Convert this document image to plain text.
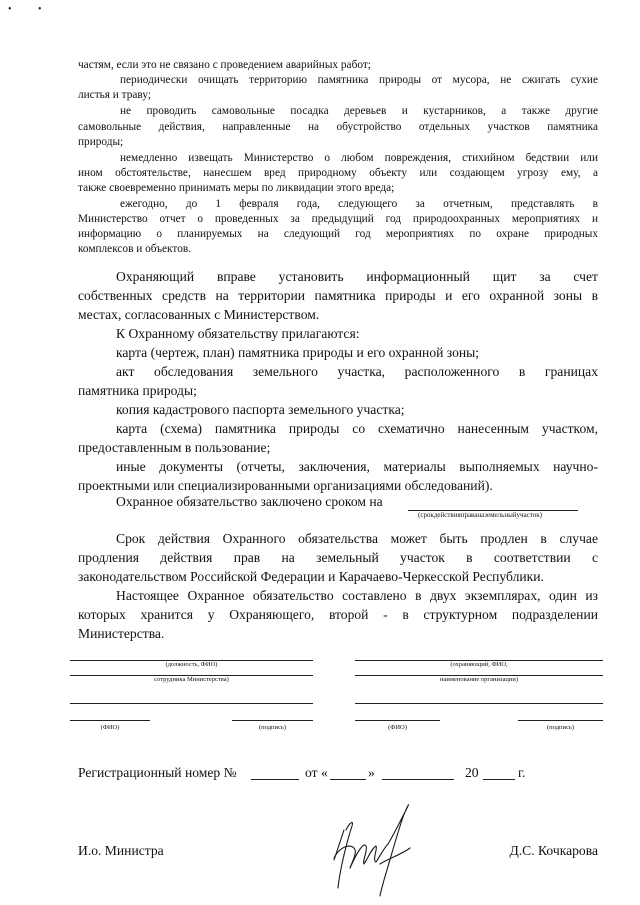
• •
частям, если это не связано с проведением аварийных работ;
периодически очищать территорию памятника природы от мусора, не сжигать сухие
листья и траву;
не проводить самовольные посадка деревьев и кустарников, а также другие
самовольные действия, направленные на обустройство отдельных участков памятника
природы;
немедленно извещать Министерство о любом повреждения, стихийном бедствии или
ином обстоятельстве, нанесшем вред природному объекту или создающем угрозу ему, а
также своевременно принимать меры по ликвидации этого вреда;
ежегодно, до 1 февраля года, следующего за отчетным, представлять в
Министерство отчет о проведенных за предыдущий год природоохранных мероприятиях и
информацию о планируемых на следующий год мероприятиях по охране природных
комплексов и объектов.
Охраняющий вправе установить информационный щит за счет
собственных средств на территории памятника природы и его охранной зоны в
местах, согласованных с Министерством.
К Охранному обязательству прилагаются:
карта (чертеж, план) памятника природы и его охранной зоны;
акт обследования земельного участка, расположенного в границах
памятника природы;
копия кадастрового паспорта земельного участка;
карта (схема) памятника природы со схематично нанесенным участком,
предоставленным в пользование;
иные документы (отчеты, заключения, материалы выполняемых научно-
проектными или специализированными организациями обследований).
Охранное обязательство заключено сроком на
(срокдействияправаназемельныйучасток)
Срок действия Охранного обязательства может быть продлен в случае
продления действия прав на земельный участок в соответствии с
законодательством Российской Федерации и Карачаево-Черкесской Республики.
Настоящее Охранное обязательство составлено в двух экземплярах, один из
которых хранится у Охраняющего, второй - в структурном подразделении
Министерства.
(должность, ФИО)
сотрудника Министерства)
(ФИО)	(подпись)
(охраняющий, ФИО,
наименование организации)
(ФИО)	(подпись)
Регистрационный номер №	от «	»	20	г.
И.о. Министра	Д.С. Кочкарова
